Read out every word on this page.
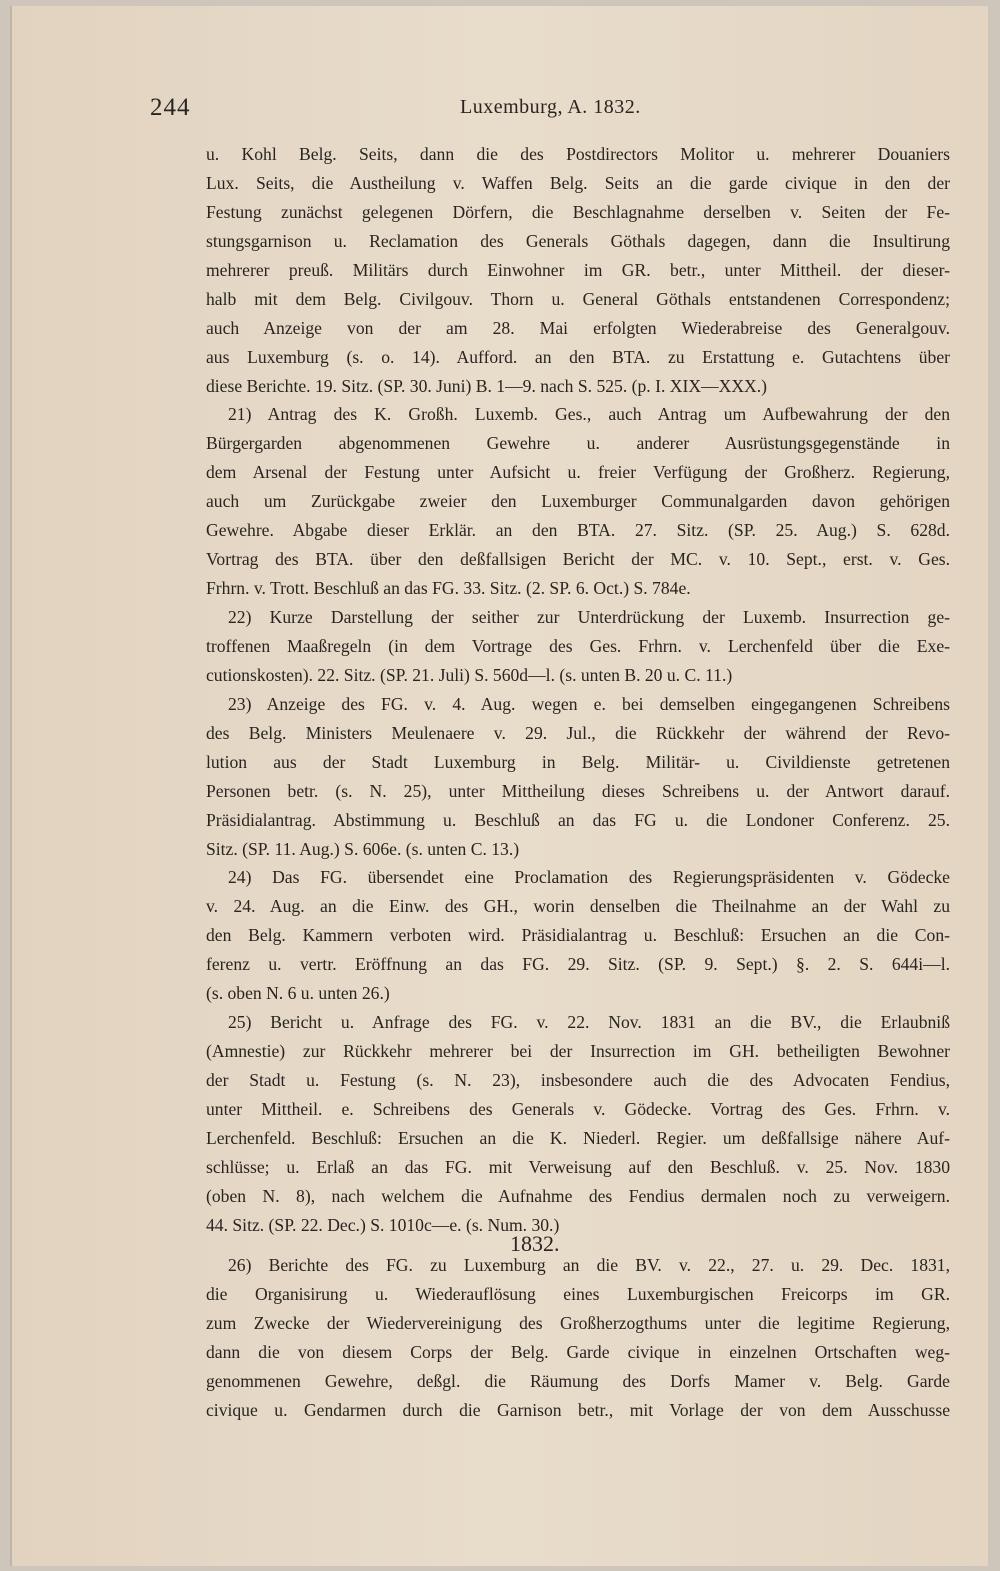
244	Luxemburg, A. 1832.
u. Kohl Belg. Seits, dann die des Postdirectors Molitor u. mehrerer Douaniers
Lux. Seits, die Austheilung v. Waffen Belg. Seits an die garde civique in den der
Festung zunächst gelegenen Dörfern, die Beschlagnahme derselben v. Seiten der Fe-
stungsgarnison u. Reclamation des Generals Göthals dagegen, dann die Insultirung
mehrerer preuß. Militärs durch Einwohner im GR. betr., unter Mittheil. der dieser-
halb mit dem Belg. Civilgouv. Thorn u. General Göthals entstandenen Correspondenz;
auch Anzeige von der am 28. Mai erfolgten Wiederabreise des Generalgouv.
aus Luxemburg (s. o. 14). Aufford. an den BTA. zu Erstattung e. Gutachtens über
diese Berichte. 19. Sitz. (SP. 30. Juni) B. 1—9. nach S. 525. (p. I. XIX—XXX.)
21) Antrag des K. Großh. Luxemb. Ges., auch Antrag um Aufbewahrung der den
Bürgergarden abgenommenen Gewehre u. anderer Ausrüstungsgegenstände in
dem Arsenal der Festung unter Aufsicht u. freier Verfügung der Großherz. Regierung,
auch um Zurückgabe zweier den Luxemburger Communalgarden davon gehörigen
Gewehre. Abgabe dieser Erklär. an den BTA. 27. Sitz. (SP. 25. Aug.) S. 628d.
Vortrag des BTA. über den deßfallsigen Bericht der MC. v. 10. Sept., erst. v. Ges.
Frhrn. v. Trott. Beschluß an das FG. 33. Sitz. (2. SP. 6. Oct.) S. 784e.
22) Kurze Darstellung der seither zur Unterdrückung der Luxemb. Insurrection ge-
troffenen Maaßregeln (in dem Vortrage des Ges. Frhrn. v. Lerchenfeld über die Exe-
cutionskosten). 22. Sitz. (SP. 21. Juli) S. 560d—l. (s. unten B. 20 u. C. 11.)
23) Anzeige des FG. v. 4. Aug. wegen e. bei demselben eingegangenen Schreibens
des Belg. Ministers Meulenaere v. 29. Jul., die Rückkehr der während der Revo-
lution aus der Stadt Luxemburg in Belg. Militär- u. Civildienste getretenen
Personen betr. (s. N. 25), unter Mittheilung dieses Schreibens u. der Antwort darauf.
Präsidialantrag. Abstimmung u. Beschluß an das FG u. die Londoner Conferenz. 25.
Sitz. (SP. 11. Aug.) S. 606e. (s. unten C. 13.)
24) Das FG. übersendet eine Proclamation des Regierungspräsidenten v. Gödecke
v. 24. Aug. an die Einw. des GH., worin denselben die Theilnahme an der Wahl zu
den Belg. Kammern verboten wird. Präsidialantrag u. Beschluß: Ersuchen an die Con-
ferenz u. vertr. Eröffnung an das FG. 29. Sitz. (SP. 9. Sept.) §. 2. S. 644i—l.
(s. oben N. 6 u. unten 26.)
25) Bericht u. Anfrage des FG. v. 22. Nov. 1831 an die BV., die Erlaubniß
(Amnestie) zur Rückkehr mehrerer bei der Insurrection im GH. betheiligten Bewohner
der Stadt u. Festung (s. N. 23), insbesondere auch die des Advocaten Fendius,
unter Mittheil. e. Schreibens des Generals v. Gödecke. Vortrag des Ges. Frhrn. v.
Lerchenfeld. Beschluß: Ersuchen an die K. Niederl. Regier. um deßfallsige nähere Auf-
schlüsse; u. Erlaß an das FG. mit Verweisung auf den Beschluß. v. 25. Nov. 1830
(oben N. 8), nach welchem die Aufnahme des Fendius dermalen noch zu verweigern.
44. Sitz. (SP. 22. Dec.) S. 1010c—e. (s. Num. 30.)
1832.
26) Berichte des FG. zu Luxemburg an die BV. v. 22., 27. u. 29. Dec. 1831,
die Organisirung u. Wiederauflösung eines Luxemburgischen Freicorps im GR.
zum Zwecke der Wiedervereinigung des Großherzogthums unter die legitime Regierung,
dann die von diesem Corps der Belg. Garde civique in einzelnen Ortschaften weg-
genommenen Gewehre, deßgl. die Räumung des Dorfs Mamer v. Belg. Garde
civique u. Gendarmen durch die Garnison betr., mit Vorlage der von dem Ausschusse
